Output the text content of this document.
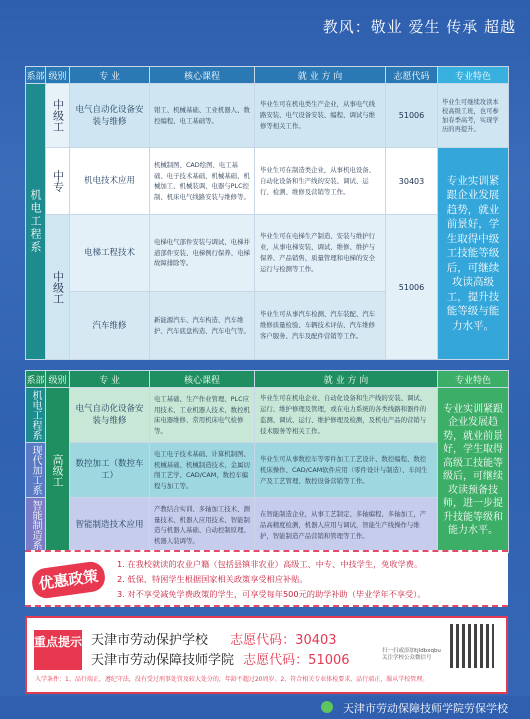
教风：敬业 爱生 传承 超越
系部	级别	专 业	核心课程	就 业 方 向	志愿代码	专业特色

机电工程系	中级工	电气自动化设备安装与维修	钳工、机械基础、工业机器人、数控编程、电工基础等。	毕业生可在机电类生产企业，从事电气线路安装、电气设备安装、编程、调试与维修等相关工作。	51006	毕业生可继续攻读本校高级工班，也可参加春季高考，实现学历的再提升。

	中专	机电技术应用	机械制图、CAD绘图、电工基础、电子技术基础、机械基础、机械加工、机械装调、电器与PLC控制、机床电气线路安装与维修等。	毕业生可在制造类企业，从事机电设备、自动化设备和生产线的安装、调试、运行、检测、维修及营销等工作。	30403	专业实训紧跟企业发展趋势，就业前景好，学生取得中级工技能等级后，可继续攻读高级工，提升技能等级与能力水平。

	中级工	电梯工程技术	电梯电气部件安装与调试、电梯井道部件安装、电梯例行保养、电梯故障排除等。	毕业生可在电梯生产制造、安装与维护行业，从事电梯安装、调试、维修、维护与保养、产品销售、质量管理和电梯的安全运行与检测等工作。	51006	
		汽车维修	新能源汽车、汽车构造、汽车维护、汽车底盘构造、汽车电气等。	毕业生可从事汽车检测、汽车装配、汽车维修质量检验、车辆技术评估、汽车维修客户服务、汽车及配件营销等工作。		
系部	级别	专 业	核心课程	就 业 方 向	专业特色

机电工程系	高级工	电气自动化设备安装与维修	电工基础、生产作业管理、PLC应用技术、工业机器人技术、数控机床电器维修、常用机床电气检修等。	毕业生可在机电企业、自动化设备和生产线的安装、调试、运行、维护修理及管理，或在电力系统的各类线路和器件的监测、调试、运行、维护修理及检测，及机电产品的营销与技术服务等相关工作。	专业实训紧跟企业发展趋势，就业前景好，学生取得高级工技能等级后，可继续攻读预备技师，进一步提升技能等级和能力水平。

现代加工系		数控加工（数控车工）	电工电子技术基础、计算机制图、机械基础、机械制造技术、金属切削工艺学、CAD/CAM、数控车编程与加工等。	毕业生可从事数控车等零件加工工艺设计、数控编程、数控机床操作、CAD/CAM软件应用（零件设计与制造）、车间生产及工艺管理、数控设备营销等工作。	

智能制造系		智能制造技术应用	产教结合实训、多轴加工技术、测量技术、机器人应用技术、智能制造与机器人基础、自动控制原理、机器人装调等。	在智能制造企业，从事工艺制定、多轴编程、多轴加工，产品高精度检测，机器人应用与调试，智能生产线操作与维护，智能制造产品营销和管理等工作。	
优惠政策
1. 在我校就读的农业户籍（包括县镇非农业）高级工、中专、中技学生，免收学费。
2. 低保、特困学生根据国家相关政策享受相应补贴。
3. 对不享受减免学费政策的学生，可享受每年500元的助学补助（毕业学年不享受）。
重点提示 天津市劳动保护学校 志愿代码：30403
天津市劳动保障技师学院 志愿代码：51006
扫一扫或添加tjldbxqbu 关注学校公众微信号
入学条件：1、品行端正，遵纪守法，没有受过刑事处罚及较大处分的，年龄不超过20周岁。2、符合相关专业体检要求，品行端正，服从学校管理。
天津市劳动保障技师学院劳保学校
